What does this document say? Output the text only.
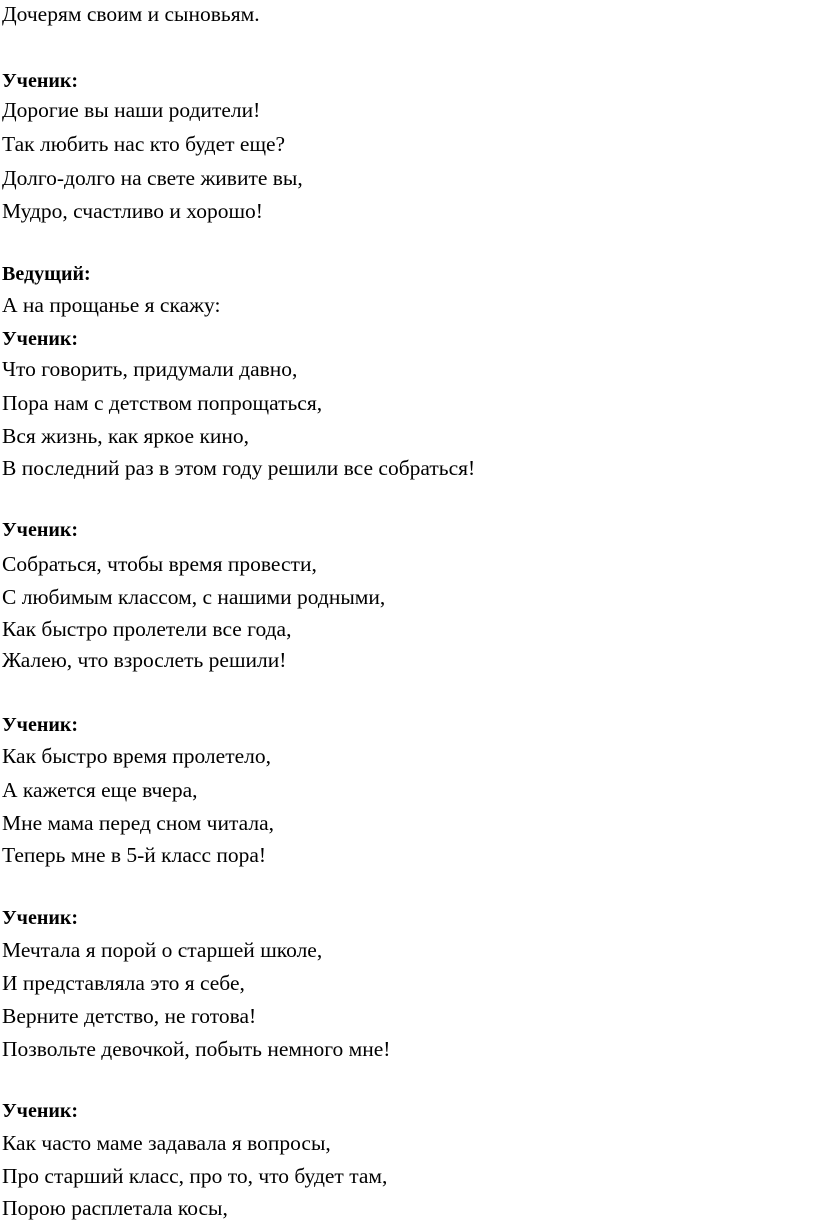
Дочерям своим и сыновьям.
Ученик:
Дорогие вы наши родители!
Так любить нас кто будет еще?
Долго-долго на свете живите вы,
Мудро, счастливо и хорошо!
Ведущий:
А на прощанье я скажу:
Ученик:
Что говорить, придумали давно,
Пора нам с детством попрощаться,
Вся жизнь, как яркое кино,
В последний раз в этом году решили все собраться!
Ученик:
Собраться, чтобы время провести,
С любимым классом, с нашими родными,
Как быстро пролетели все года,
Жалею, что взрослеть решили!
Ученик:
Как быстро время пролетело,
А кажется еще вчера,
Мне мама перед сном читала,
Теперь мне в 5-й класс пора!
Ученик:
Мечтала я порой о старшей школе,
И представляла это я себе,
Верните детство, не готова!
Позвольте девочкой, побыть немного мне!
Ученик:
Как часто маме задавала я вопросы,
Про старший класс, про то, что будет там,
Порою расплетала косы,
